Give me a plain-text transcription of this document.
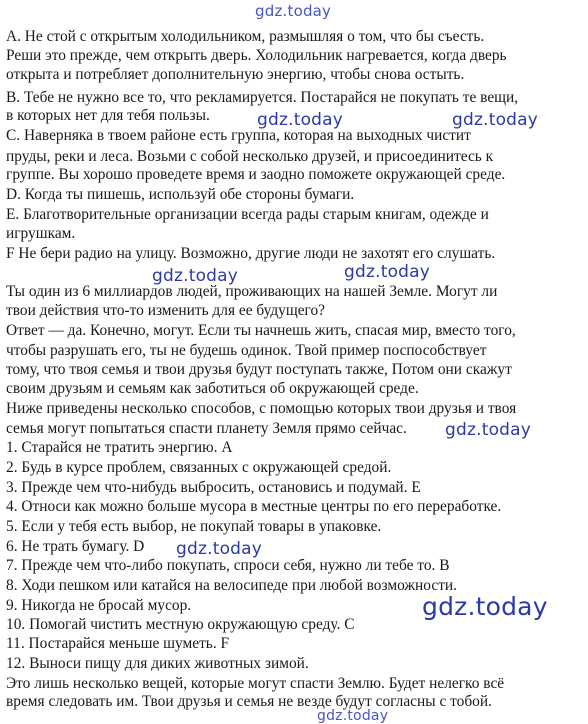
gdz.today
А. Не стой с открытым холодильником, размышляя о том, что бы съесть.
Реши это прежде, чем открыть дверь. Холодильник нагревается, когда дверь
открыта и потребляет дополнительную энергию, чтобы снова остыть.
В. Тебе не нужно все то, что рекламируется. Постарайся не покупать те вещи,
в которых нет для тебя пользы.
С. Наверняка в твоем районе есть группа, которая на выходных чистит
пруды, реки и леса. Возьми с собой несколько друзей, и присоединитесь к
группе. Вы хорошо проведете время и заодно поможете окружающей среде.
D. Когда ты пишешь, используй обе стороны бумаги.
Е. Благотворительные организации всегда рады старым книгам, одежде и
игрушкам.
F Не бери радио на улицу. Возможно, другие люди не захотят его слушать.
Ты один из 6 миллиардов людей, проживающих на нашей Земле. Могут ли
твои действия что-то изменить для ее будущего?
Ответ — да. Конечно, могут. Если ты начнешь жить, спасая мир, вместо того,
чтобы разрушать его, ты не будешь одинок. Твой пример поспособствует
тому, что твоя семья и твои друзья будут поступать также, Потом они скажут
своим друзьям и семьям как заботиться об окружающей среде.
Ниже приведены несколько способов, с помощью которых твои друзья и твоя
семья могут попытаться спасти планету Земля прямо сейчас.
1. Старайся не тратить энергию. А
2. Будь в курсе проблем, связанных с окружающей средой.
3. Прежде чем что-нибудь выбросить, остановись и подумай. Е
4. Относи как можно больше мусора в местные центры по его переработке.
5. Если у тебя есть выбор, не покупай товары в упаковке.
6. Не трать бумагу. D
7. Прежде чем что-либо покупать, спроси себя, нужно ли тебе то. В
8. Ходи пешком или катайся на велосипеде при любой возможности.
9. Никогда не бросай мусор.
10. Помогай чистить местную окружающую среду. С
11. Постарайся меньше шуметь. F
12. Выноси пищу для диких животных зимой.
Это лишь несколько вещей, которые могут спасти Землю. Будет нелегко всё
время следовать им. Твои друзья и семья не везде будут согласны с тобой.
gdz.today	gdz.today
gdz.today	gdz.today
gdz.today
gdz.today
gdz.today
gdz.today
